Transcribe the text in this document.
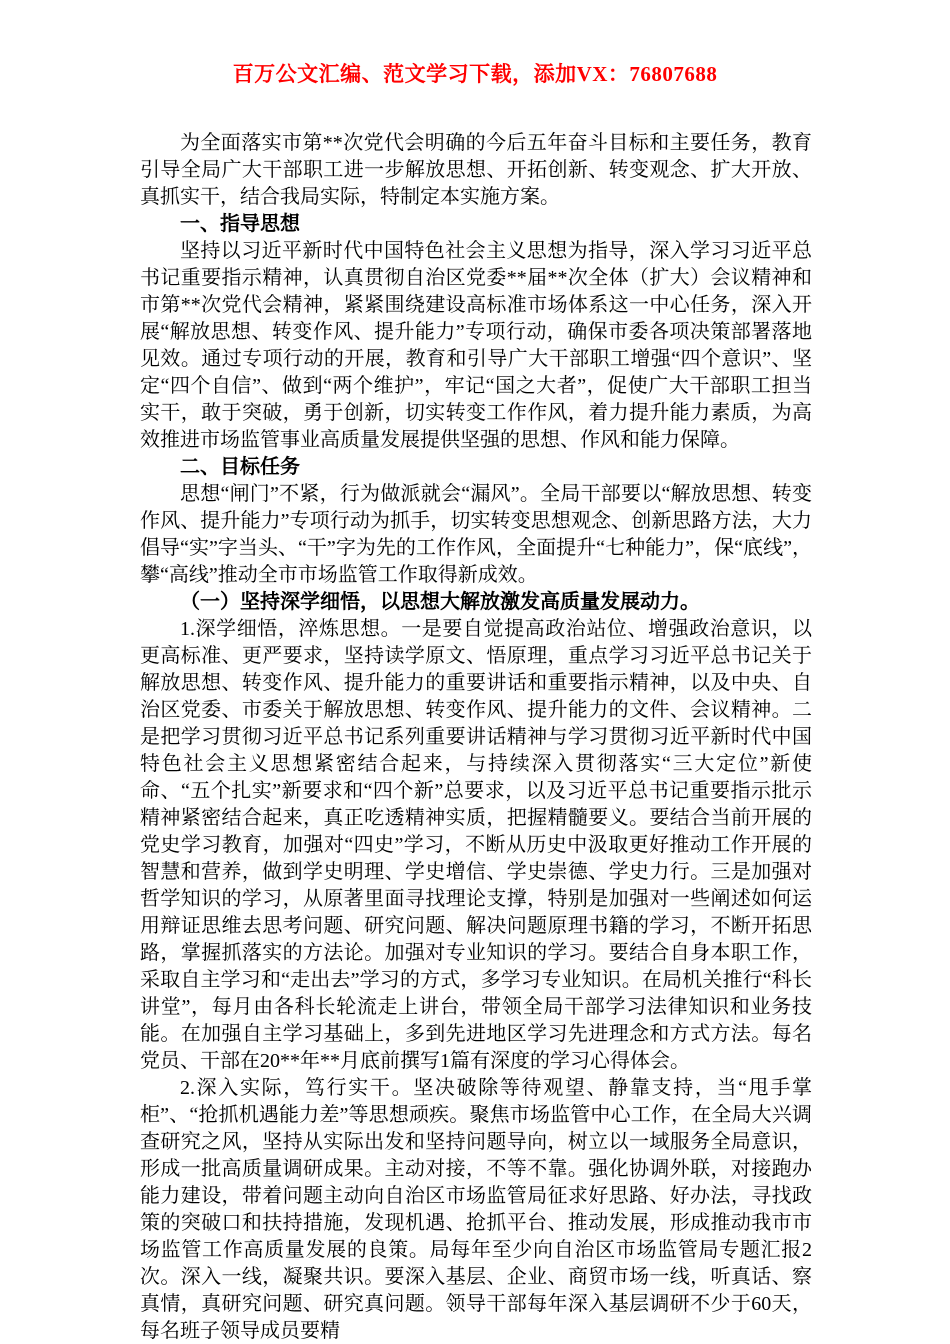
百万公文汇编、范文学习下载，添加VX：76807688

为全面落实市第**次党代会明确的今后五年奋斗目标和主要任务，教育引导全局广大干部职工进一步解放思想、开拓创新、转变观念、扩大开放、真抓实干，结合我局实际，特制定本实施方案。

一、指导思想

坚持以习近平新时代中国特色社会主义思想为指导，深入学习习近平总书记重要指示精神，认真贯彻自治区党委**届**次全体（扩大）会议精神和市第**次党代会精神，紧紧围绕建设高标准市场体系这一中心任务，深入开展“解放思想、转变作风、提升能力”专项行动，确保市委各项决策部署落地见效。通过专项行动的开展，教育和引导广大干部职工增强“四个意识”、坚定“四个自信”、做到“两个维护”，牢记“国之大者”，促使广大干部职工担当实干，敢于突破，勇于创新，切实转变工作作风，着力提升能力素质，为高效推进市场监管事业高质量发展提供坚强的思想、作风和能力保障。

二、目标任务

思想“闸门”不紧，行为做派就会“漏风”。全局干部要以“解放思想、转变作风、提升能力”专项行动为抓手，切实转变思想观念、创新思路方法，大力倡导“实”字当头、“干”字为先的工作作风，全面提升“七种能力”，保“底线”，攀“高线”推动全市市场监管工作取得新成效。

（一）坚持深学细悟，以思想大解放激发高质量发展动力。

1.深学细悟，淬炼思想。一是要自觉提高政治站位、增强政治意识，以更高标准、更严要求，坚持读学原文、悟原理，重点学习习近平总书记关于解放思想、转变作风、提升能力的重要讲话和重要指示精神，以及中央、自治区党委、市委关于解放思想、转变作风、提升能力的文件、会议精神。二是把学习贯彻习近平总书记系列重要讲话精神与学习贯彻习近平新时代中国特色社会主义思想紧密结合起来，与持续深入贯彻落实“三大定位”新使命、“五个扎实”新要求和“四个新”总要求，以及习近平总书记重要指示批示精神紧密结合起来，真正吃透精神实质，把握精髓要义。要结合当前开展的党史学习教育，加强对“四史”学习，不断从历史中汲取更好推动工作开展的智慧和营养，做到学史明理、学史增信、学史崇德、学史力行。三是加强对哲学知识的学习，从原著里面寻找理论支撑，特别是加强对一些阐述如何运用辩证思维去思考问题、研究问题、解决问题原理书籍的学习，不断开拓思路，掌握抓落实的方法论。加强对专业知识的学习。要结合自身本职工作，采取自主学习和“走出去”学习的方式，多学习专业知识。在局机关推行“科长讲堂”，每月由各科长轮流走上讲台，带领全局干部学习法律知识和业务技能。在加强自主学习基础上，多到先进地区学习先进理念和方式方法。每名党员、干部在20**年**月底前撰写1篇有深度的学习心得体会。

2.深入实际，笃行实干。坚决破除等待观望、静靠支持，当“甩手掌柜”、“抢抓机遇能力差”等思想顽疾。聚焦市场监管中心工作，在全局大兴调查研究之风，坚持从实际出发和坚持问题导向，树立以一域服务全局意识，形成一批高质量调研成果。主动对接，不等不靠。强化协调外联，对接跑办能力建设，带着问题主动向自治区市场监管局征求好思路、好办法，寻找政策的突破口和扶持措施，发现机遇、抢抓平台、推动发展，形成推动我市市场监管工作高质量发展的良策。局每年至少向自治区市场监管局专题汇报2次。深入一线，凝聚共识。要深入基层、企业、商贸市场一线，听真话、察真情，真研究问题、研究真问题。领导干部每年深入基层调研不少于60天，每名班子领导成员要精
